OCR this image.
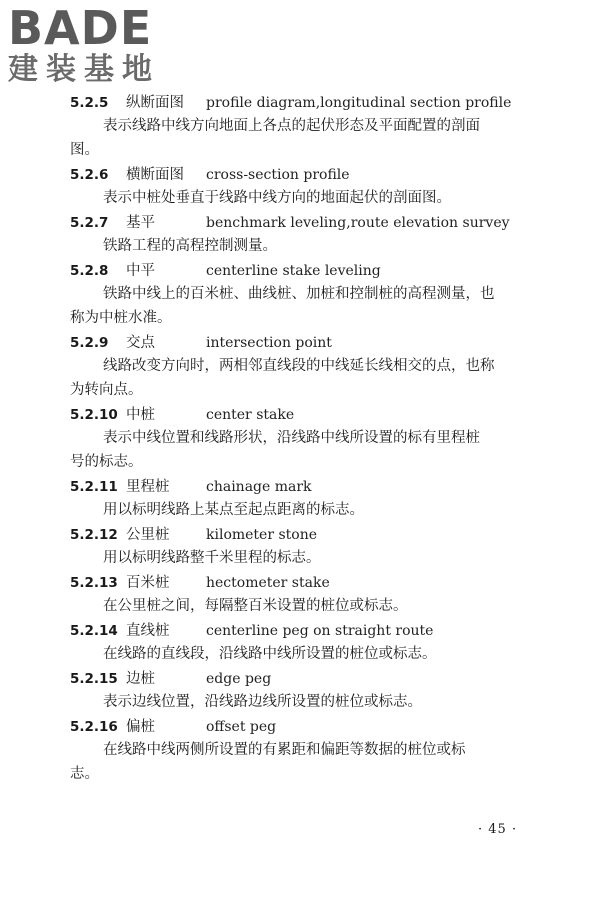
BADE
建装基地
5.2.5	纵断面图	profile diagram,longitudinal section profile
表示线路中线方向地面上各点的起伏形态及平面配置的剖面
图。
5.2.6	横断面图	cross-section profile
表示中桩处垂直于线路中线方向的地面起伏的剖面图。
5.2.7	基平	benchmark leveling,route elevation survey
铁路工程的高程控制测量。
5.2.8	中平	centerline stake leveling
铁路中线上的百米桩、曲线桩、加桩和控制桩的高程测量，也
称为中桩水准。
5.2.9	交点	intersection point
线路改变方向时，两相邻直线段的中线延长线相交的点，也称
为转向点。
5.2.10 中桩	center stake
表示中线位置和线路形状，沿线路中线所设置的标有里程桩
号的标志。
5.2.11 里程桩	chainage mark
用以标明线路上某点至起点距离的标志。
5.2.12 公里桩	kilometer stone
用以标明线路整千米里程的标志。
5.2.13 百米桩	hectometer stake
在公里桩之间，每隔整百米设置的桩位或标志。
5.2.14 直线桩	centerline peg on straight route
在线路的直线段，沿线路中线所设置的桩位或标志。
5.2.15 边桩	edge peg
表示边线位置，沿线路边线所设置的桩位或标志。
5.2.16 偏桩	offset peg
在线路中线两侧所设置的有累距和偏距等数据的桩位或标
志。
· 45 ·
